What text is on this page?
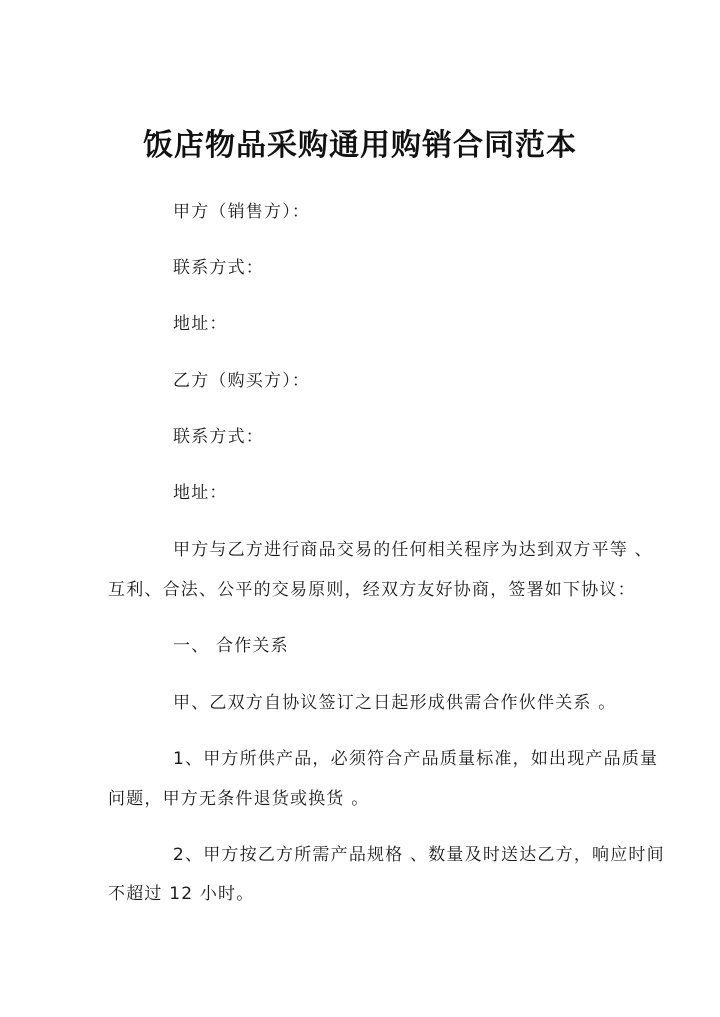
饭店物品采购通用购销合同范本
甲方（销售方）：
联系方式：
地址：
乙方（购买方）：
联系方式：
地址：
甲方与乙方进行商品交易的任何相关程序为达到双方平等 、
互利、合法、公平的交易原则，经双方友好协商，签署如下协议：
一、 合作关系
甲、乙双方自协议签订之日起形成供需合作伙伴关系 。
1、甲方所供产品，必须符合产品质量标准，如出现产品质量
问题，甲方无条件退货或换货 。
2、甲方按乙方所需产品规格 、数量及时送达乙方，响应时间
不超过 12 小时。
